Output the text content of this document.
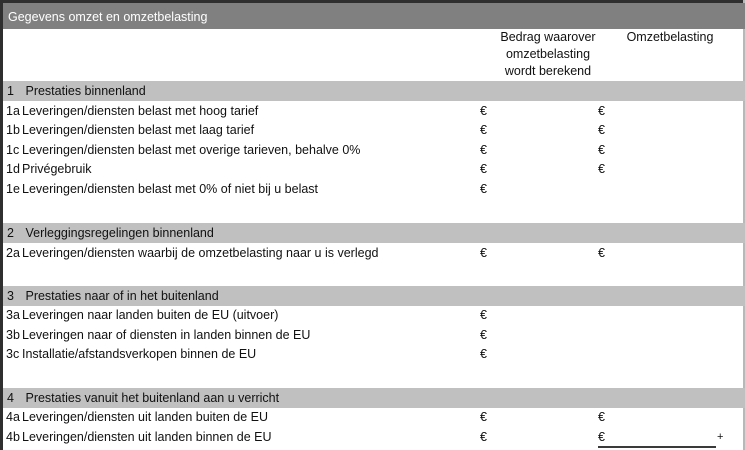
Gegevens omzet en omzetbelasting
Bedrag waarover
omzetbelasting
wordt berekend
Omzetbelasting
1 Prestaties binnenland
1a Leveringen/diensten belast met hoog tarief	€	€
1b Leveringen/diensten belast met laag tarief	€	€
1c Leveringen/diensten belast met overige tarieven, behalve 0%	€	€
1d Privégebruik	€	€
1e Leveringen/diensten belast met 0% of niet bij u belast	€
2 Verleggingsregelingen binnenland
2a Leveringen/diensten waarbij de omzetbelasting naar u is verlegd	€	€
3 Prestaties naar of in het buitenland
3a Leveringen naar landen buiten de EU (uitvoer)	€
3b Leveringen naar of diensten in landen binnen de EU	€
3c Installatie/afstandsverkopen binnen de EU	€
4 Prestaties vanuit het buitenland aan u verricht
4a Leveringen/diensten uit landen buiten de EU	€	€
4b Leveringen/diensten uit landen binnen de EU	€	€	+
